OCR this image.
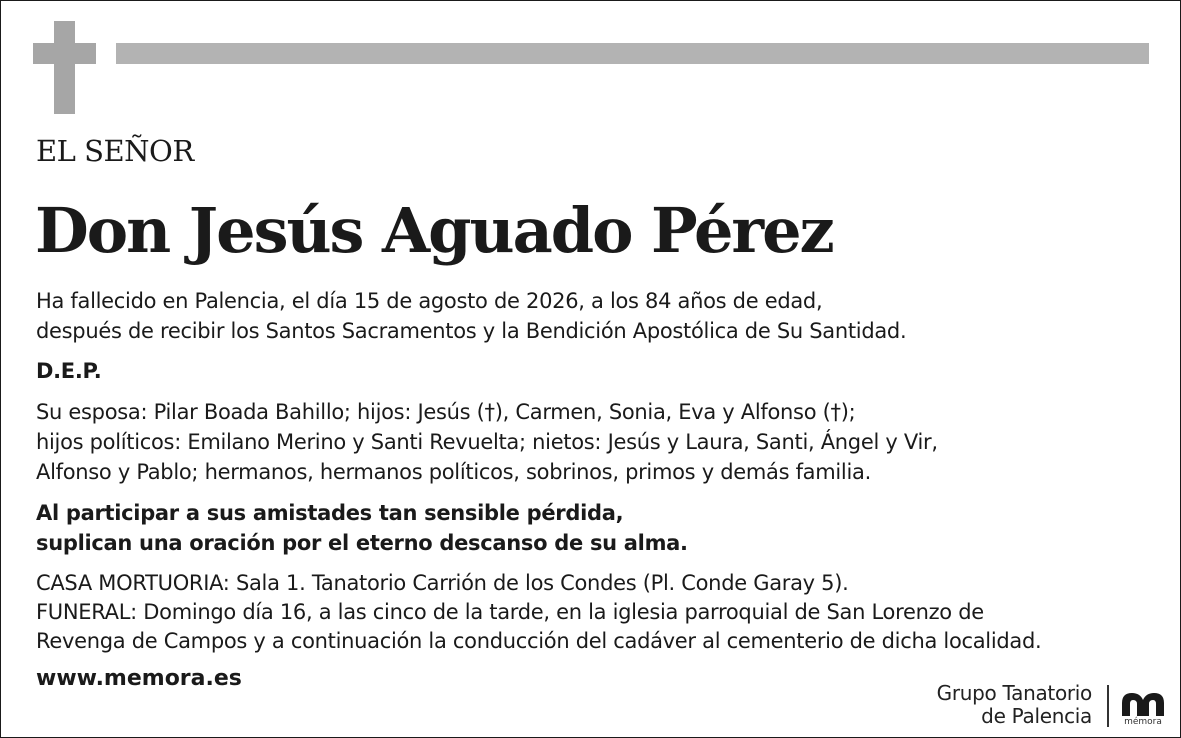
EL SEÑOR
Don Jesús Aguado Pérez
Ha fallecido en Palencia, el día 15 de agosto de 2026, a los 84 años de edad,
después de recibir los Santos Sacramentos y la Bendición Apostólica de Su Santidad.
D.E.P.
Su esposa: Pilar Boada Bahillo; hijos: Jesús (†), Carmen, Sonia, Eva y Alfonso (†);
hijos políticos: Emilano Merino y Santi Revuelta; nietos: Jesús y Laura, Santi, Ángel y Vir,
Alfonso y Pablo; hermanos, hermanos políticos, sobrinos, primos y demás familia.
Al participar a sus amistades tan sensible pérdida,
suplican una oración por el eterno descanso de su alma.
CASA MORTUORIA: Sala 1. Tanatorio Carrión de los Condes (Pl. Conde Garay 5).
FUNERAL: Domingo día 16, a las cinco de la tarde, en la iglesia parroquial de San Lorenzo de
Revenga de Campos y a continuación la conducción del cadáver al cementerio de dicha localidad.
www.memora.es
Grupo Tanatorio
de Palencia	mémora
